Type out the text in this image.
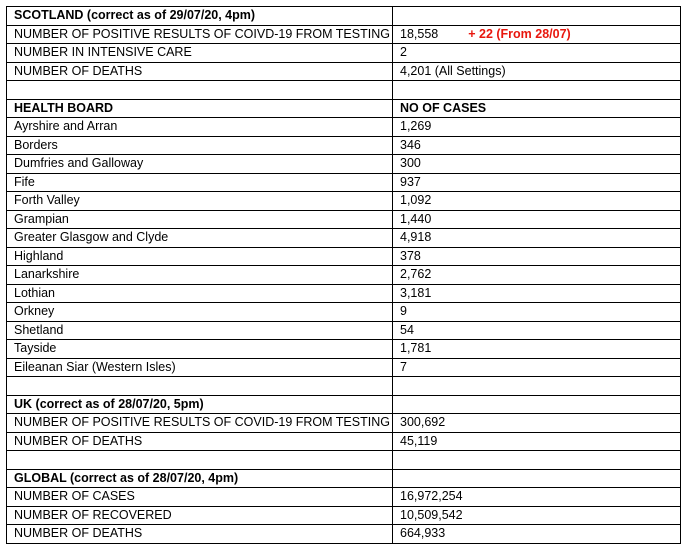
SCOTLAND (correct as of 29/07/20, 4pm)	
NUMBER OF POSITIVE RESULTS OF COIVD-19 FROM TESTING	18,558 + 22 (From 28/07)
NUMBER IN INTENSIVE CARE	2
NUMBER OF DEATHS	4,201 (All Settings)

HEALTH BOARD	NO OF CASES
Ayrshire and Arran	1,269
Borders	346
Dumfries and Galloway	300
Fife	937
Forth Valley	1,092
Grampian	1,440
Greater Glasgow and Clyde	4,918
Highland	378
Lanarkshire	2,762
Lothian	3,181
Orkney	9
Shetland	54
Tayside	1,781
Eileanan Siar (Western Isles)	7

UK (correct as of 28/07/20, 5pm)	
NUMBER OF POSITIVE RESULTS OF COVID-19 FROM TESTING	300,692
NUMBER OF DEATHS	45,119

GLOBAL (correct as of 28/07/20, 4pm)	
NUMBER OF CASES	16,972,254
NUMBER OF RECOVERED	10,509,542
NUMBER OF DEATHS	664,933
